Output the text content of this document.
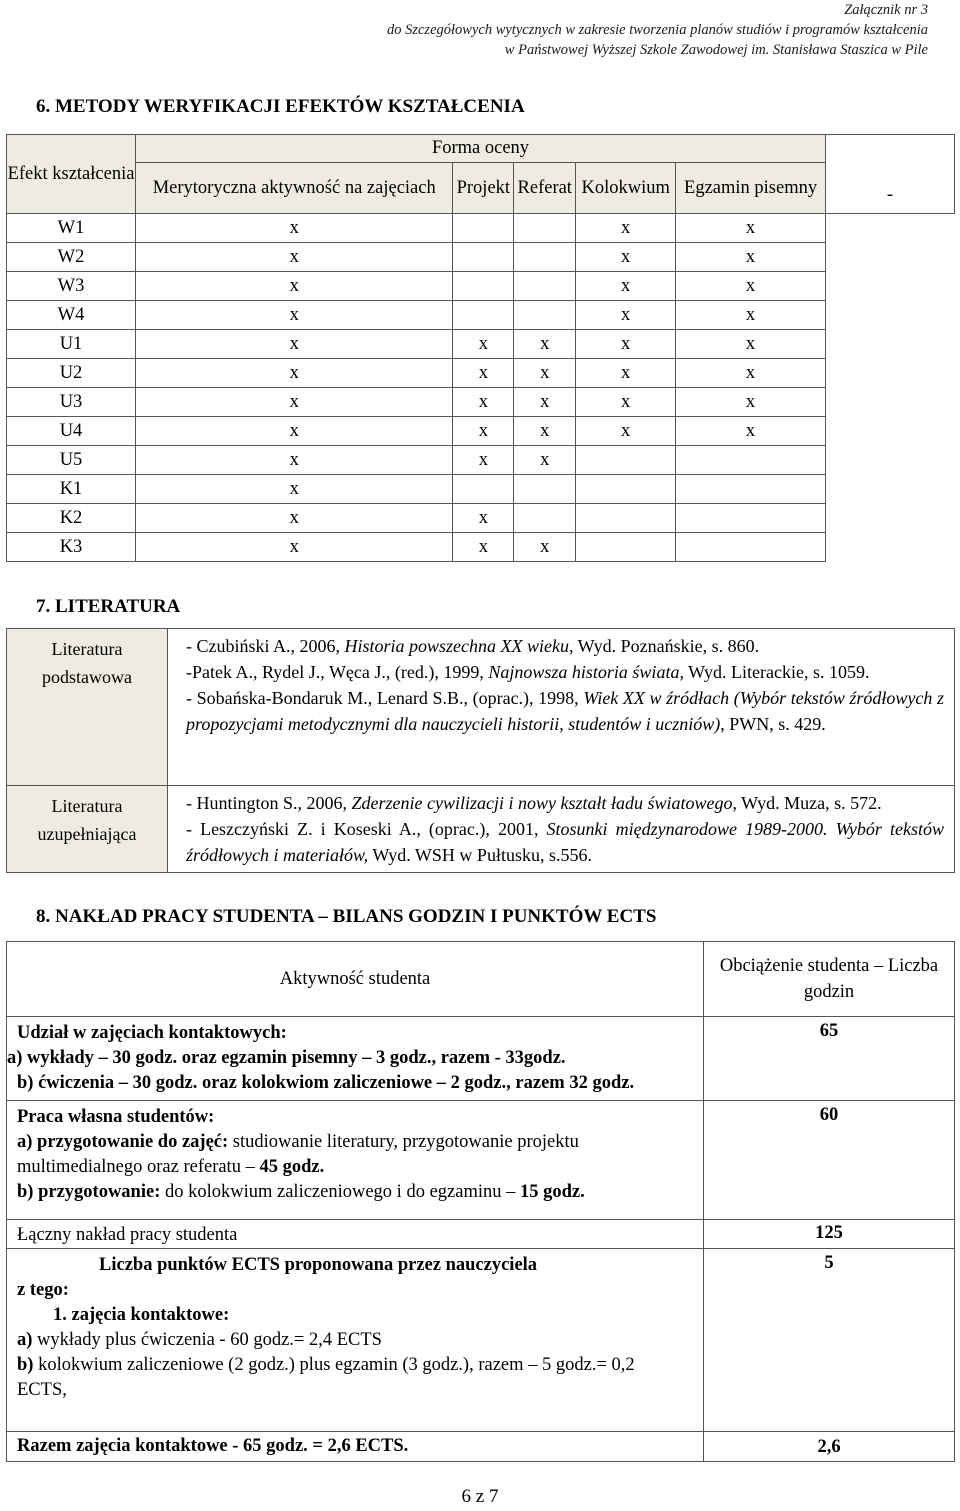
Załącznik nr 3
do Szczegółowych wytycznych w zakresie tworzenia planów studiów i programów kształcenia
w Państwowej Wyższej Szkole Zawodowej im. Stanisława Staszica w Pile
6. METODY WERYFIKACJI EFEKTÓW KSZTAŁCENIA
Efekt kształcenia	Forma oceny					-
	Merytoryczna aktywność na zajęciach	Projekt	Referat	Kolokwium	Egzamin pisemny	
W1	x			x	x	
W2	x			x	x	
W3	x			x	x	
W4	x			x	x	
U1	x	x	x	x	x	
U2	x	x	x	x	x	
U3	x	x	x	x	x	
U4	x	x	x	x	x	
U5	x	x	x			
K1	x					
K2	x	x				
K3	x	x	x			
7. LITERATURA
Literatura podstawowa	- Czubiński A., 2006, Historia powszechna XX wieku, Wyd. Poznańskie, s. 860.
-Patek A., Rydel J., Węca J., (red.), 1999, Najnowsza historia świata, Wyd. Literackie, s. 1059.
- Sobańska-Bondaruk M., Lenard S.B., (oprac.), 1998, Wiek XX w źródłach (Wybór tekstów źródłowych z propozycjami metodycznymi dla nauczycieli historii, studentów i uczniów), PWN, s. 429.

Literatura uzupełniająca	- Huntington S., 2006, Zderzenie cywilizacji i nowy kształt ładu światowego, Wyd. Muza, s. 572.
- Leszczyński Z. i Koseski A., (oprac.), 2001, Stosunki międzynarodowe 1989-2000. Wybór tekstów źródłowych i materiałów, Wyd. WSH w Pułtusku, s.556.
8. NAKŁAD PRACY STUDENTA – BILANS GODZIN I PUNKTÓW ECTS
Aktywność studenta	Obciążenie studenta – Liczba godzin

Udział w zajęciach kontaktowych:
a) wykłady – 30 godz. oraz egzamin pisemny – 3 godz., razem - 33godz.
b) ćwiczenia – 30 godz. oraz kolokwiom zaliczeniowe – 2 godz., razem 32 godz.	65

Praca własna studentów:
a) przygotowanie do zajęć: studiowanie literatury, przygotowanie projektu multimedialnego oraz referatu – 45 godz.
b) przygotowanie: do kolokwium zaliczeniowego i do egzaminu – 15 godz.	60
Łączny nakład pracy studenta	125

Liczba punktów ECTS proponowana przez nauczyciela
z tego:
1. zajęcia kontaktowe:
a) wykłady plus ćwiczenia - 60 godz.= 2,4 ECTS
b) kolokwium zaliczeniowe (2 godz.) plus egzamin (3 godz.), razem – 5 godz.= 0,2 ECTS,	5
Razem zajęcia kontaktowe - 65 godz. = 2,6 ECTS.	2,6
6 z 7
